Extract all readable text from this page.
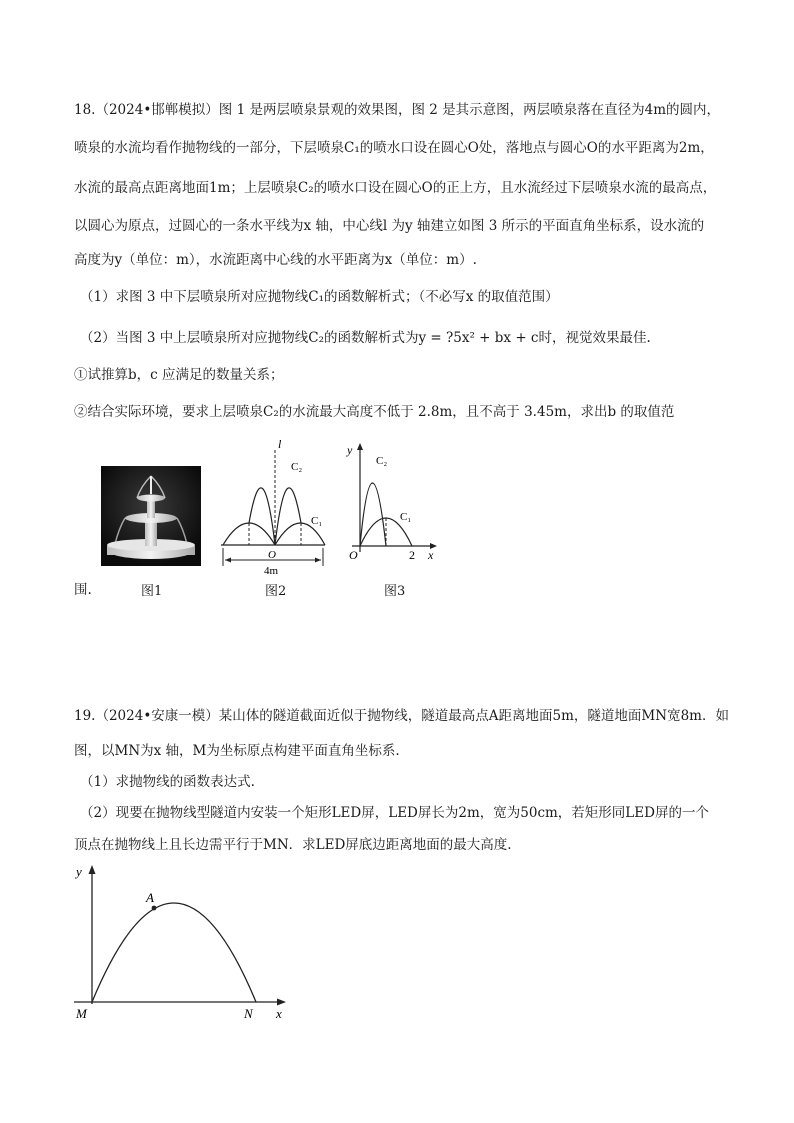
18.（2024•邯郸模拟）图 1 是两层喷泉景观的效果图，图 2 是其示意图，两层喷泉落在直径为4m的圆内，
喷泉的水流均看作抛物线的一部分，下层喷泉C₁的喷水口设在圆心O处，落地点与圆心O的水平距离为2m，
水流的最高点距离地面1m；上层喷泉C₂的喷水口设在圆心O的正上方，且水流经过下层喷泉水流的最高点，
以圆心为原点，过圆心的一条水平线为x 轴，中心线l 为y 轴建立如图 3 所示的平面直角坐标系，设水流的
高度为y（单位：m），水流距离中心线的水平距离为x（单位：m）.
（1）求图 3 中下层喷泉所对应抛物线C₁的函数解析式；（不必写x 的取值范围）
（2）当图 3 中上层喷泉所对应抛物线C₂的函数解析式为y = ?5x² + bx + c时，视觉效果最佳.
①试推算b，c 应满足的数量关系；
②结合实际环境，要求上层喷泉C₂的水流最大高度不低于 2.8m，且不高于 3.45m，求出b 的取值范
围.
l
C₂
C₁
O
4m
y
x
O	2
C₂
C₁
图1	图2	图3
19.（2024•安康一模）某山体的隧道截面近似于抛物线，隧道最高点A距离地面5m，隧道地面MN宽8m．如
图，以MN为x 轴，M为坐标原点构建平面直角坐标系.
（1）求抛物线的函数表达式.
（2）现要在抛物线型隧道内安装一个矩形LED屏，LED屏长为2m，宽为50cm，若矩形同LED屏的一个
顶点在抛物线上且长边需平行于MN．求LED屏底边距离地面的最大高度.
y
x
A
M	N
